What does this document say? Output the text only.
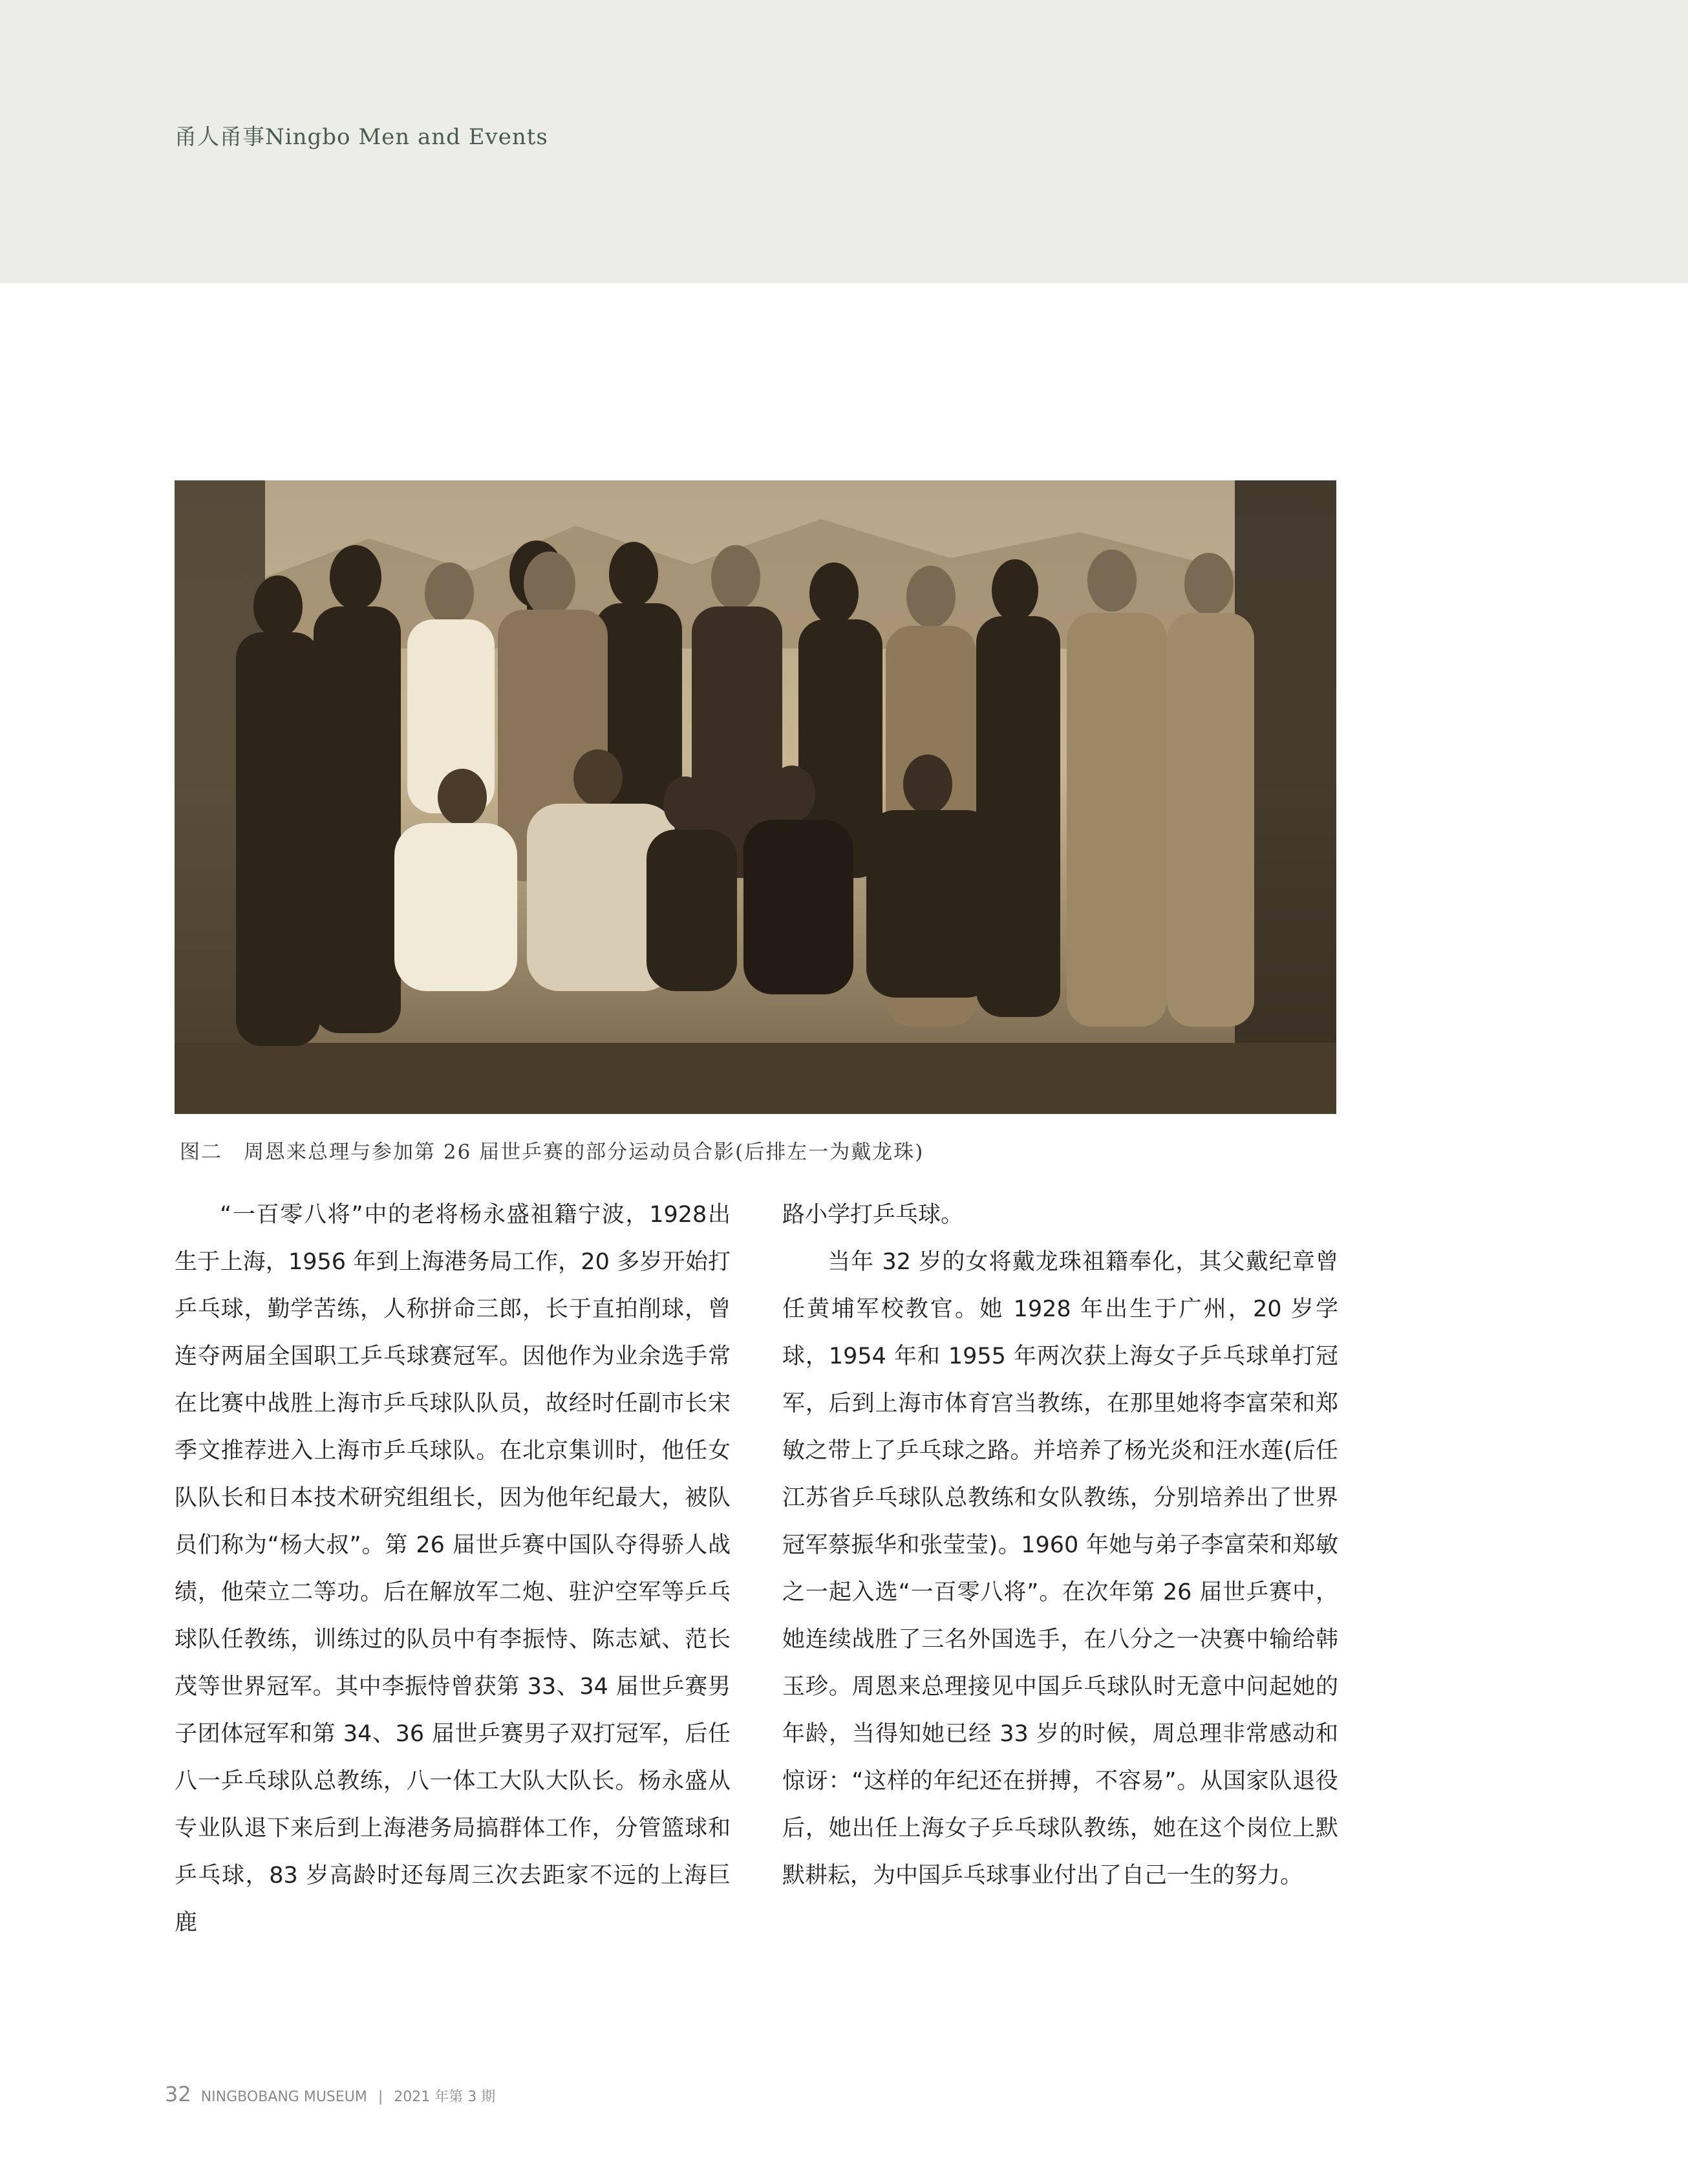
甬人甬事Ningbo Men and Events
图二　周恩来总理与参加第 26 届世乒赛的部分运动员合影(后排左一为戴龙珠)

“一百零八将”中的老将杨永盛祖籍宁波，1928出生于上海，1956 年到上海港务局工作，20 多岁开始打乒乓球，勤学苦练，人称拼命三郎，长于直拍削球，曾连夺两届全国职工乒乓球赛冠军。因他作为业余选手常在比赛中战胜上海市乒乓球队队员，故经时任副市长宋季文推荐进入上海市乒乓球队。在北京集训时，他任女队队长和日本技术研究组组长，因为他年纪最大，被队员们称为“杨大叔”。第 26 届世乒赛中国队夺得骄人战绩，他荣立二等功。后在解放军二炮、驻沪空军等乒乓球队任教练，训练过的队员中有李振恃、陈志斌、范长茂等世界冠军。其中李振恃曾获第 33、34 届世乒赛男子团体冠军和第 34、36 届世乒赛男子双打冠军，后任八一乒乓球队总教练，八一体工大队大队长。杨永盛从专业队退下来后到上海港务局搞群体工作，分管篮球和乒乓球，83 岁高龄时还每周三次去距家不远的上海巨鹿

路小学打乒乓球。

当年 32 岁的女将戴龙珠祖籍奉化，其父戴纪章曾任黄埔军校教官。她 1928 年出生于广州，20 岁学球，1954 年和 1955 年两次获上海女子乒乓球单打冠军，后到上海市体育宫当教练，在那里她将李富荣和郑敏之带上了乒乓球之路。并培养了杨光炎和汪水莲(后任江苏省乒乓球队总教练和女队教练，分别培养出了世界冠军蔡振华和张莹莹)。1960 年她与弟子李富荣和郑敏之一起入选“一百零八将”。在次年第 26 届世乒赛中，她连续战胜了三名外国选手，在八分之一决赛中输给韩玉珍。周恩来总理接见中国乒乓球队时无意中问起她的年龄，当得知她已经 33 岁的时候，周总理非常感动和惊讶：“这样的年纪还在拼搏，不容易”。从国家队退役后，她出任上海女子乒乓球队教练，她在这个岗位上默默耕耘，为中国乒乓球事业付出了自己一生的努力。

32 NINGBOBANG MUSEUM | 2021 年第 3 期
